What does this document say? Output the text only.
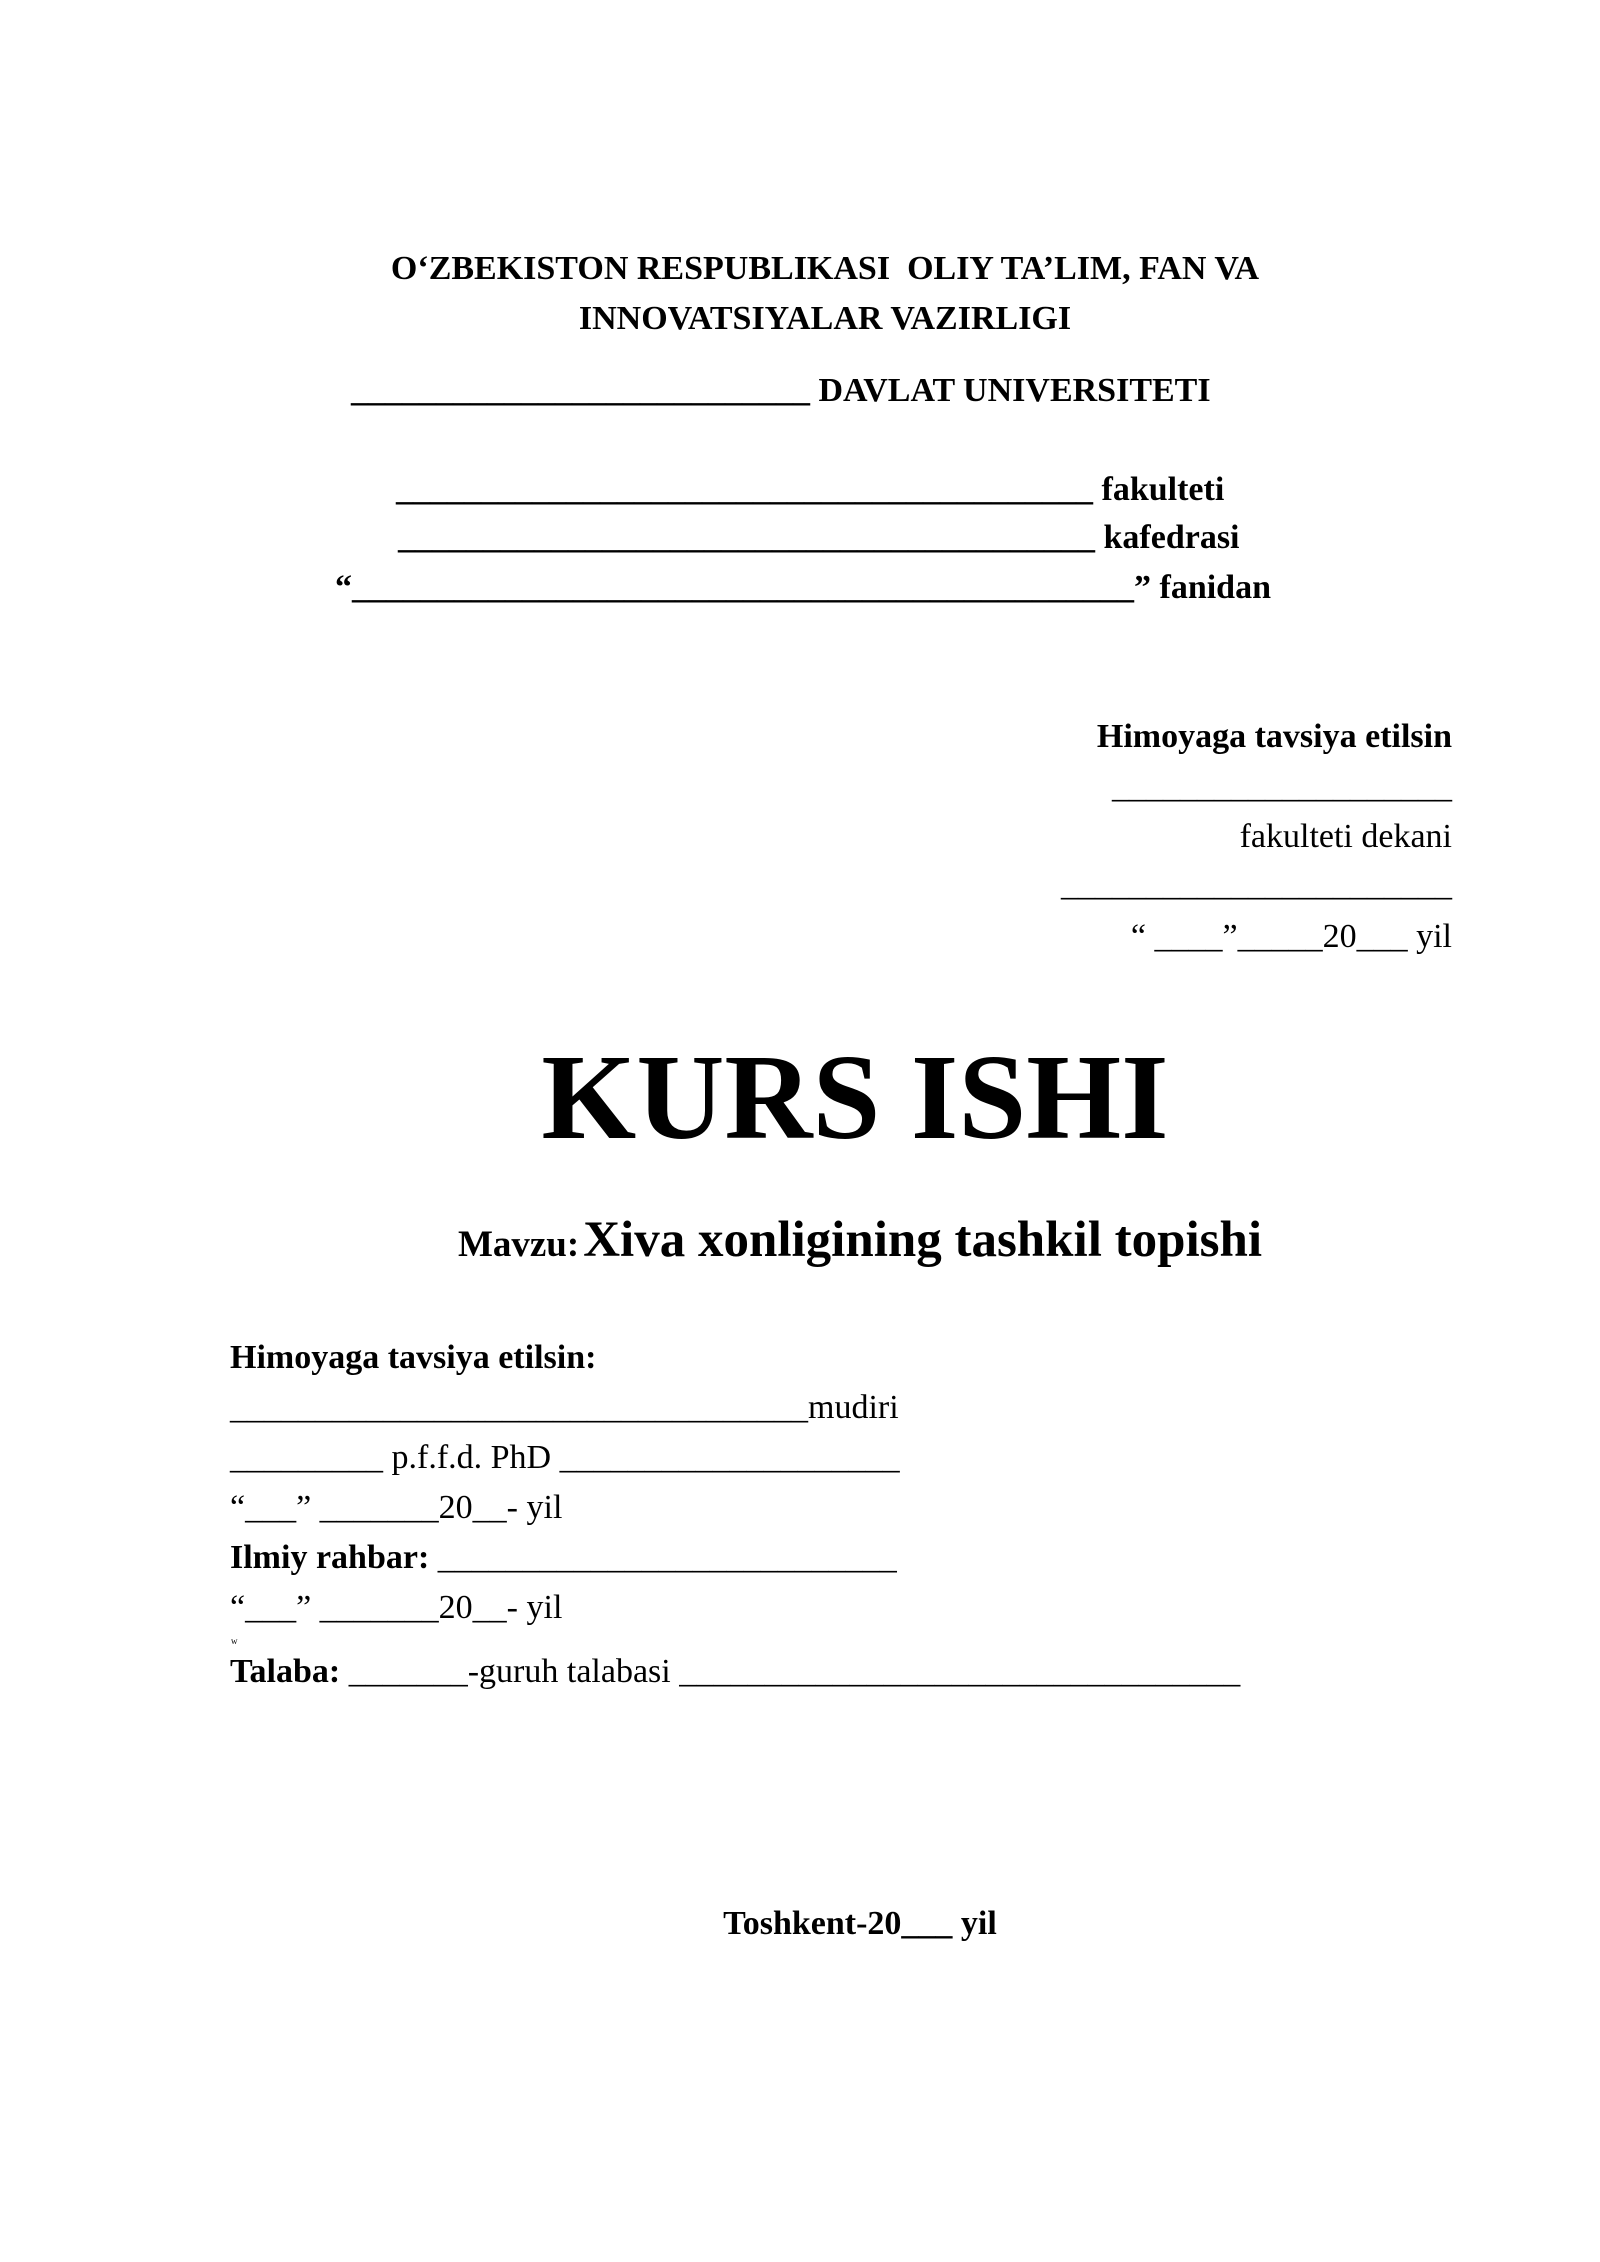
O‘ZBEKISTON RESPUBLIKASI  OLIY TA’LIM, FAN VA
INNOVATSIYALAR VAZIRLIGI
___________________________ DAVLAT UNIVERSITETI
_________________________________________ fakulteti
_________________________________________ kafedrasi
“______________________________________________” fanidan
Himoyaga tavsiya etilsin
____________________
fakulteti dekani
_______________________
“ ____”_____20___ yil
KURS ISHI
Mavzu: Xiva xonligining tashkil topishi
Himoyaga tavsiya etilsin:
__________________________________mudiri
_________ p.f.f.d. PhD ____________________
“___” _______20__- yil
Ilmiy rahbar: ___________________________
“___” _______20__- yil
w
Talaba: _______-guruh talabasi _________________________________
Toshkent-20___ yil
